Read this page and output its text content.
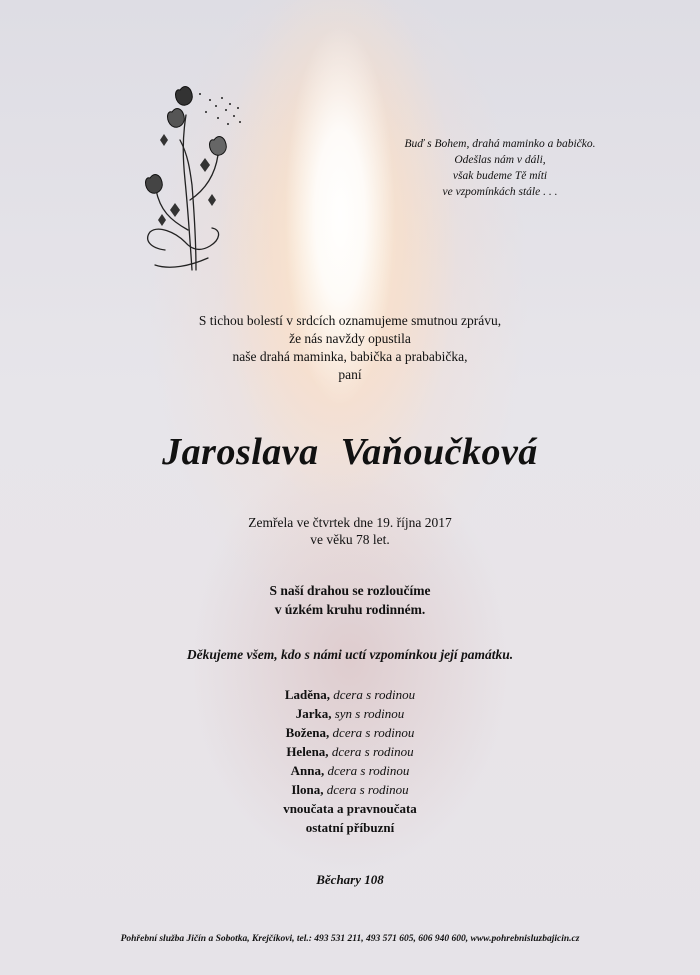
Buď s Bohem, drahá maminko a babičko.
Odešlas nám v dáli,
však budeme Tě míti
ve vzpomínkách stále . . .
S tichou bolestí v srdcích oznamujeme smutnou zprávu,
že nás navždy opustila
naše drahá maminka, babička a prababička,
paní
Jaroslava Vaňoučková
Zemřela ve čtvrtek dne 19. října 2017
ve věku 78 let.
S naší drahou se rozloučíme
v úzkém kruhu rodinném.
Děkujeme všem, kdo s námi uctí vzpomínkou její památku.
Laděna, dcera s rodinou
Jarka, syn s rodinou
Božena, dcera s rodinou
Helena, dcera s rodinou
Anna, dcera s rodinou
Ilona, dcera s rodinou
vnoučata a pravnoučata
ostatní příbuzní
Běchary 108
Pohřební služba Jičín a Sobotka, Krejčíkovi, tel.: 493 531 211, 493 571 605, 606 940 600, www.pohrebnisluzbajicin.cz
